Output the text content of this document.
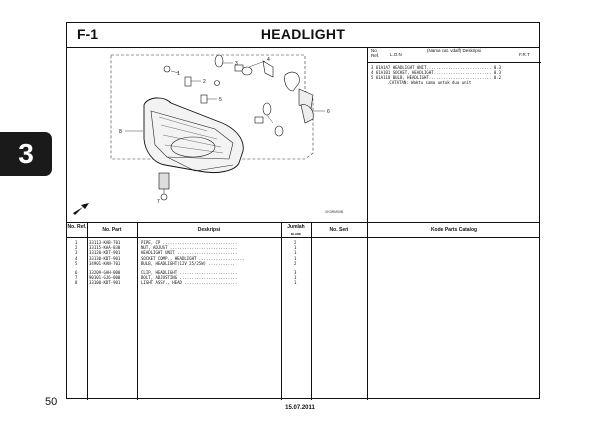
3
50	15.07.2011
F-1	HEADLIGHT
1
2
3
4
5
6
7
8
XK3RM00B
No. Ref.	L.O.N
(Nama cat. vdalf) Deskripsi
F.R.T
3 61A1A7 HEADLIGHT UNIT........................... 0.3
4 61A101 SOCKET, HEADLIGHT........................ 0.3
5 61A118 BULB, HEADLIGHT.......................... 0.2
.CATATAN: Waktu sama untuk dua unit
No. Ref.	No. Part	Deskripsi	Jumlah
BLADE
No. Seri	Kode Parts Catalog
1	33113-KAB-701	PIPE, CP ...............................	2
2	33115-KAA-830	NUT, ADJUST ............................	1
3	33120-KDT-901	HEADLIGHT UNIT .........................	1
4	33130-KDT-901	SOCKET COMP., HEADLIGHT ...................	1
5	34901-KAN-701	BULB, HEADLIGHT(12V 25/25W) ...........	2
6	33209-GAH-000	CLIP, HEADLIGHT ........................	3
7	90101-GJ6-000	BOLT, ADJUSTING ........................	1
8	33100-KDT-901	LIGHT ASSY., HEAD ......................	1
